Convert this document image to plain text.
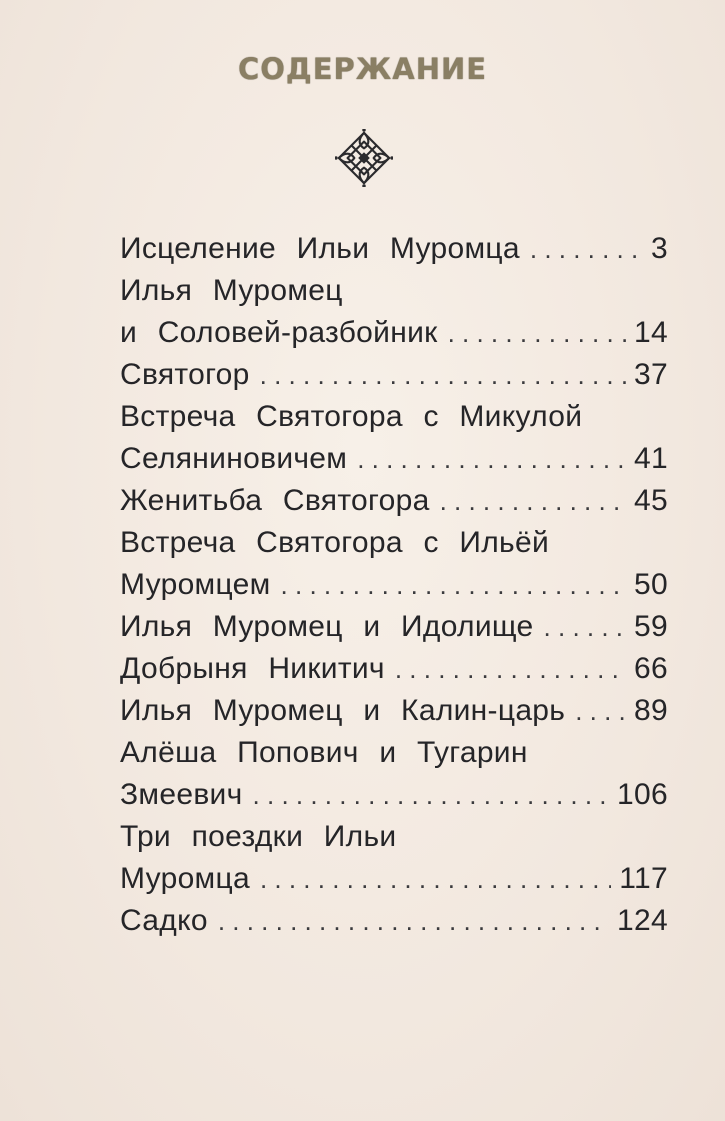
СОДЕРЖАНИЕ
Исцеление Ильи Муромца . . .	3
Илья Муромец
и Соловей-разбойник . . .	14
Святогор . . .	37
Встреча Святогора с Микулой
Селяниновичем . . .	41
Женитьба Святогора . . .	45
Встреча Святогора с Ильёй
Муромцем . . .	50
Илья Муромец и Идолище . . .	59
Добрыня Никитич . . .	66
Илья Муромец и Калин-царь . . . 89
Алёша Попович и Тугарин
Змеевич . . .	106
Три поездки Ильи
Муромца . . .	117
Садко . . .	124
